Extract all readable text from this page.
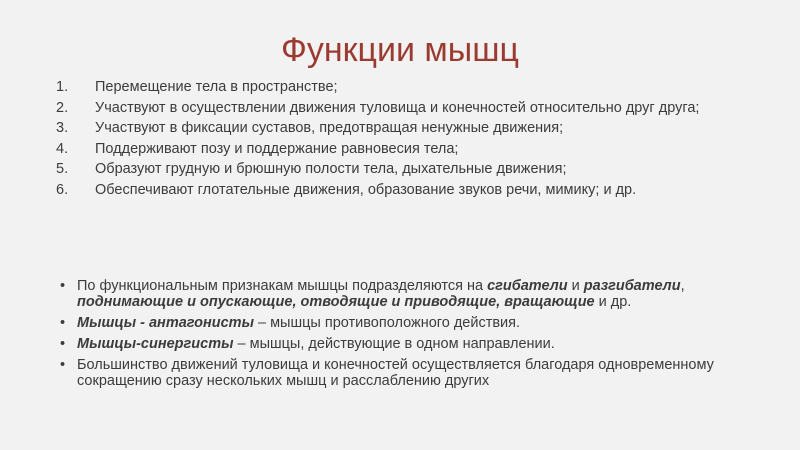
Функции мышц
1. Перемещение тела в пространстве;
2. Участвуют в осуществлении движения туловища и конечностей относительно друг друга;
3. Участвуют в фиксации суставов, предотвращая ненужные движения;
4. Поддерживают позу и поддержание равновесия тела;
5. Образуют грудную и брюшную полости тела, дыхательные движения;
6. Обеспечивают глотательные движения, образование звуков речи, мимику; и др.
• По функциональным признакам мышцы подразделяются на сгибатели и разгибатели, поднимающие и опускающие, отводящие и приводящие, вращающие и др.
• Мышцы - антагонисты – мышцы противоположного действия.
• Мышцы-синергисты – мышцы, действующие в одном направлении.
• Большинство движений туловища и конечностей осуществляется благодаря одновременному сокращению сразу нескольких мышц и расслаблению других
